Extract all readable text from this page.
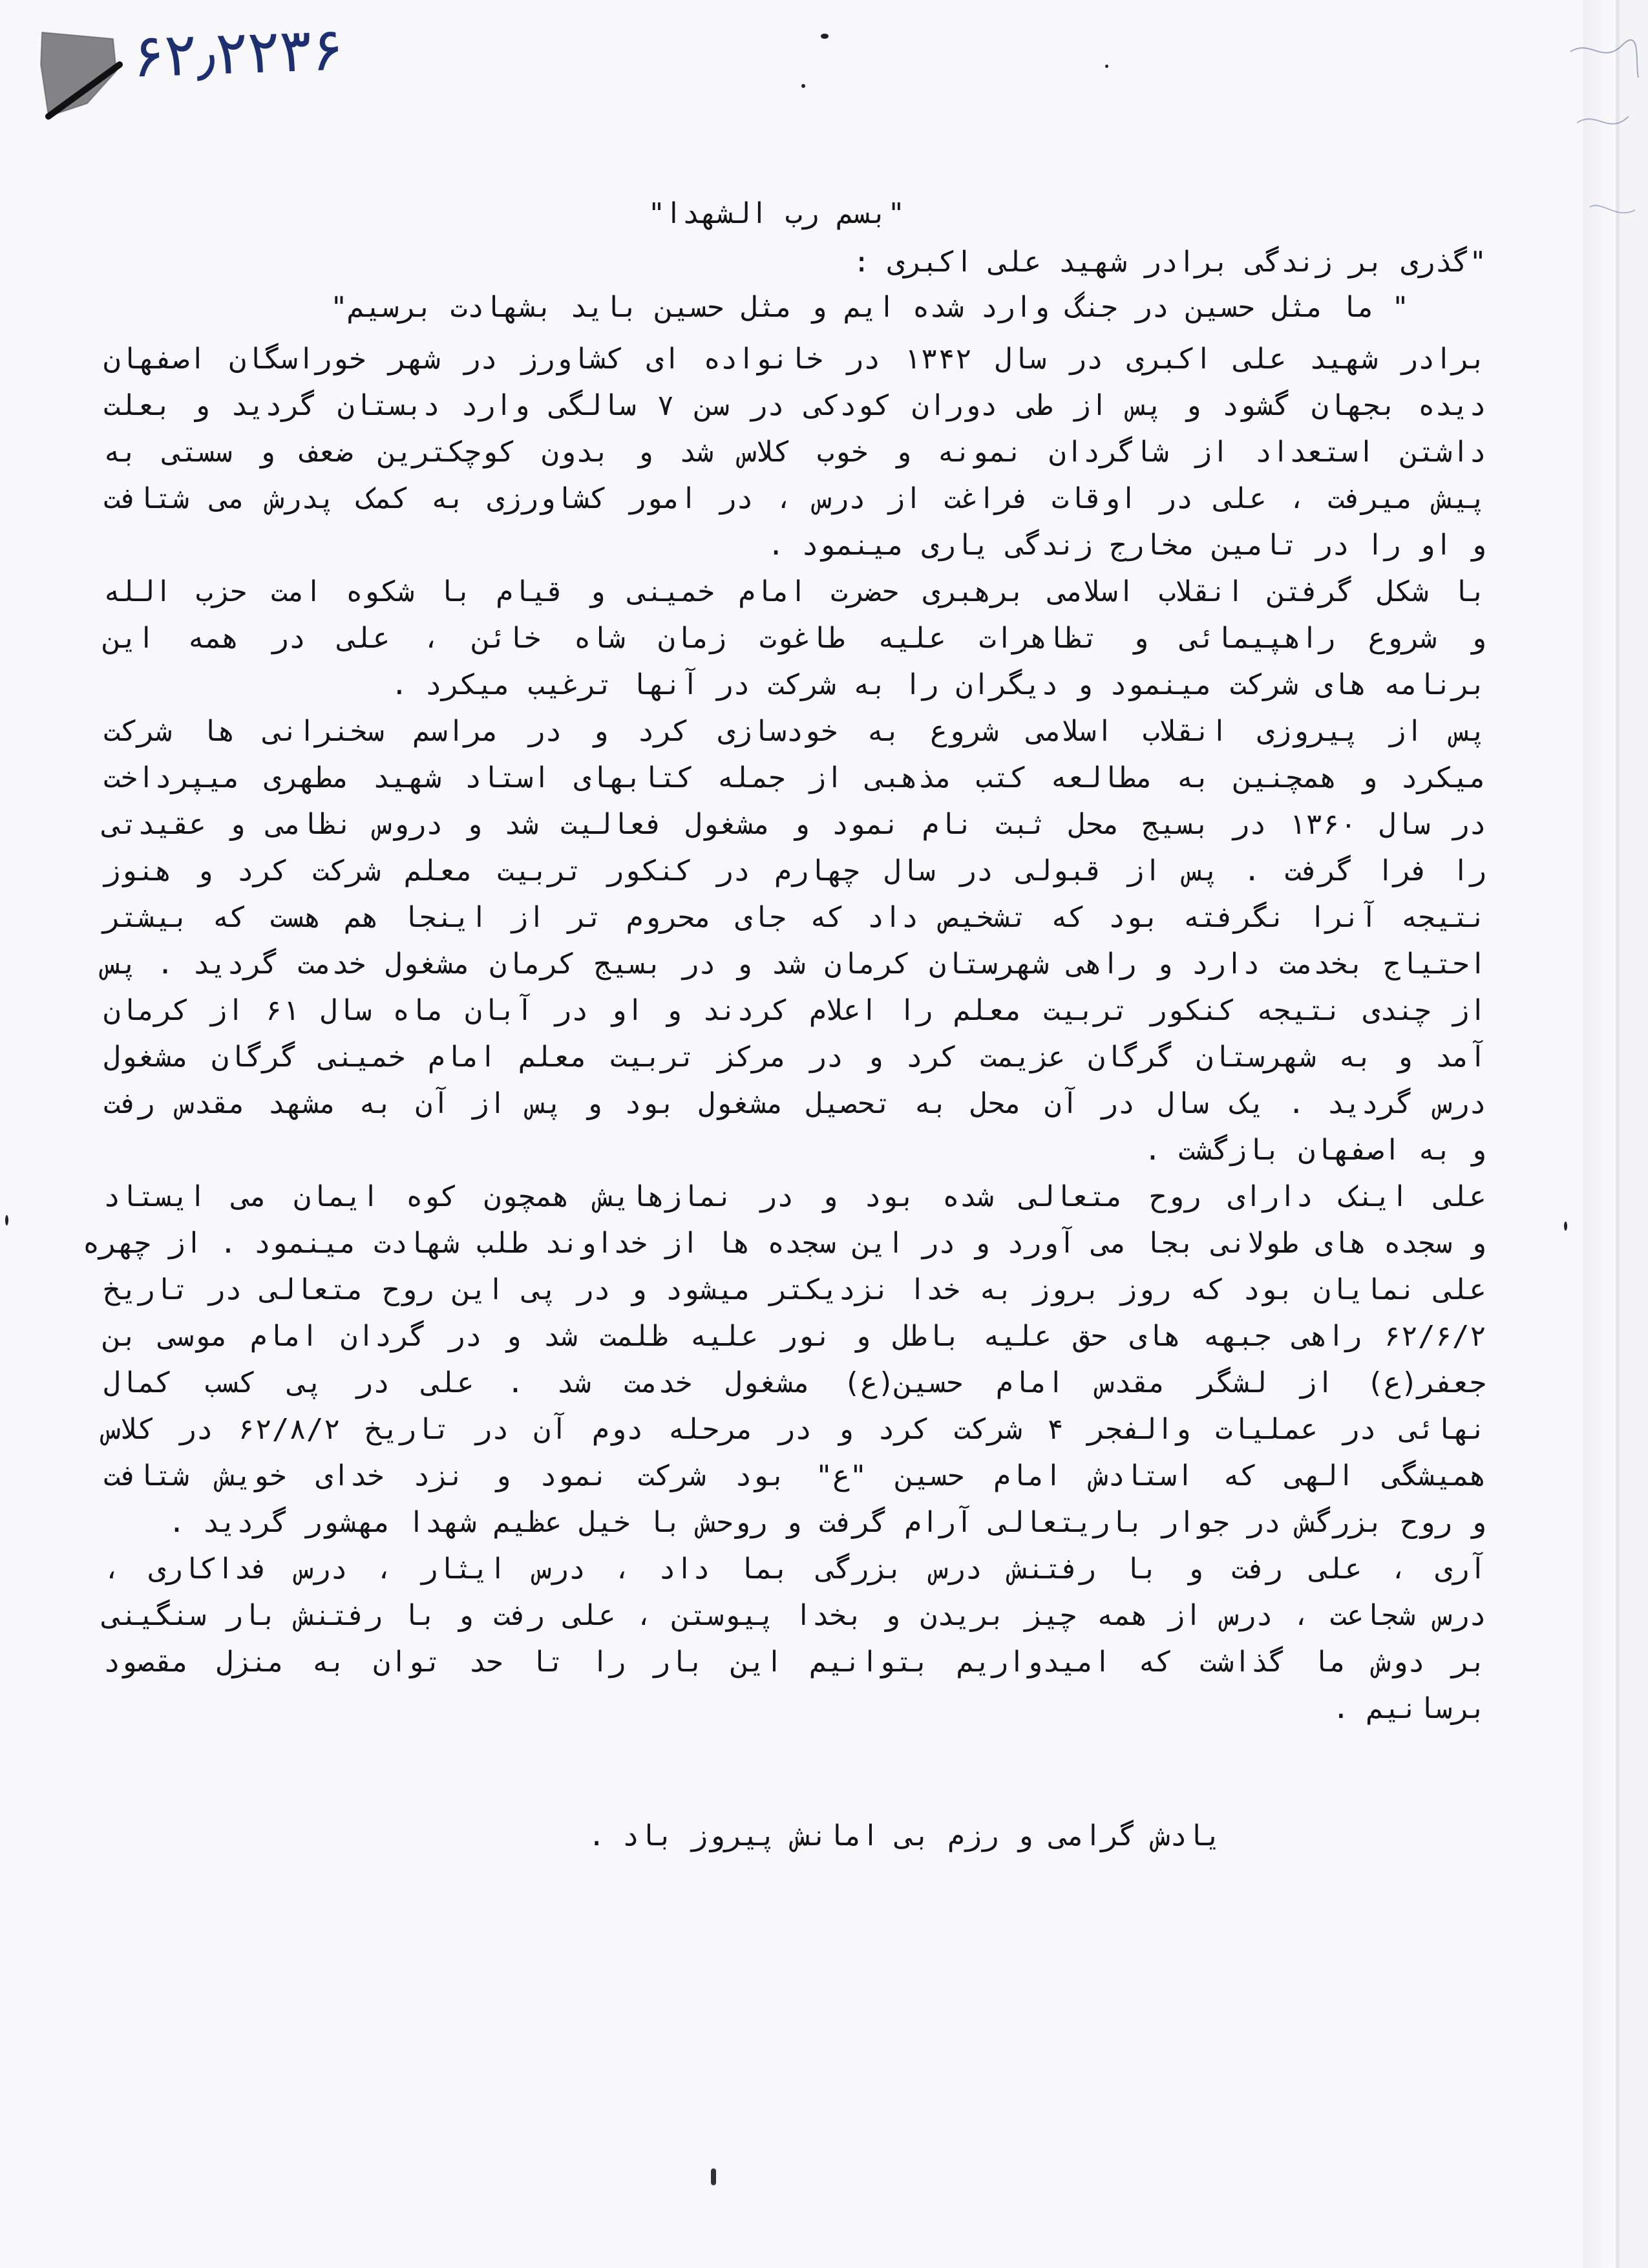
۶۲٫۲۲۳۶
"بسم رب الشهدا"
"گذری بر زندگی برادر شهید علی اکبری :
" ما مثل حسین در جنگ وارد شده ایم و مثل حسین باید بشهادت برسیم"
برادر شهید علی اکبری در سال ۱۳۴۲ در خانواده ای کشاورز در شهر خوراسگان اصفهان
دیده بجهان گشود و پس از طی دوران کودکی در سن ۷ سالگی وارد دبستان گردید و بعلت
داشتن استعداد از شاگردان نمونه و خوب کلاس شد و بدون کوچکترین ضعف و سستی به
پیش میرفت ، علی در اوقات فراغت از درس ، در امور کشاورزی به کمک پدرش می شتافت
و او را در تامین مخارج زندگی یاری مینمود .
با شکل گرفتن انقلاب اسلامی برهبری حضرت امام خمینی و قیام با شکوه امت حزب الله
و شروع راهپیمائی و تظاهرات علیه طاغوت زمان شاه خائن ، علی در همه این
برنامه های شرکت مینمود و دیگران را به شرکت در آنها ترغیب میکرد .
پس از پیروزی انقلاب اسلامی شروع به خودسازی کرد و در مراسم سخنرانی ها شرکت
میکرد و همچنین به مطالعه کتب مذهبی از جمله کتابهای استاد شهید مطهری میپرداخت
در سال ۱۳۶۰ در بسیج محل ثبت نام نمود و مشغول فعالیت شد و دروس نظامی و عقیدتی
را فرا گرفت . پس از قبولی در سال چهارم در کنکور تربیت معلم شرکت کرد و هنوز
نتیجه آنرا نگرفته بود که تشخیص داد که جای محروم تر از اینجا هم هست که بیشتر
احتیاج بخدمت دارد و راهی شهرستان کرمان شد و در بسیج کرمان مشغول خدمت گردید . پس
از چندی نتیجه کنکور تربیت معلم را اعلام کردند و او در آبان ماه سال ۶۱ از کرمان
آمد و به شهرستان گرگان عزیمت کرد و در مرکز تربیت معلم امام خمینی گرگان مشغول
درس گردید . یک سال در آن محل به تحصیل مشغول بود و پس از آن به مشهد مقدس رفت
و به اصفهان بازگشت .
علی اینک دارای روح متعالی شده بود و در نمازهایش همچون کوه ایمان می ایستاد
و سجده های طولانی بجا می آورد و در این سجده ها از خداوند طلب شهادت مینمود . از چهره
علی نمایان بود که روز بروز به خدا نزدیکتر میشود و در پی این روح متعالی در تاریخ
۶۲/۶/۲ راهی جبهه های حق علیه باطل و نور علیه ظلمت شد و در گردان امام موسی بن
جعفر(ع) از لشگر مقدس امام حسین(ع) مشغول خدمت شد . علی در پی کسب کمال
نهائی در عملیات والفجر ۴ شرکت کرد و در مرحله دوم آن در تاریخ ۶۲/۸/۲ در کلاس
همیشگی الهی که استادش امام حسین "ع" بود شرکت نمود و نزد خدای خویش شتافت
و روح بزرگش در جوار باریتعالی آرام گرفت و روحش با خیل عظیم شهدا مهشور گردید .
آری ، علی رفت و با رفتنش درس بزرگی بما داد ، درس ایثار ، درس فداکاری ،
درس شجاعت ، درس از همه چیز بریدن و بخدا پیوستن ، علی رفت و با رفتنش بار سنگینی
بر دوش ما گذاشت که امیدواریم بتوانیم این بار را تا حد توان به منزل مقصود
برسانیم .
یادش گرامی و رزم بی امانش پیروز باد .
